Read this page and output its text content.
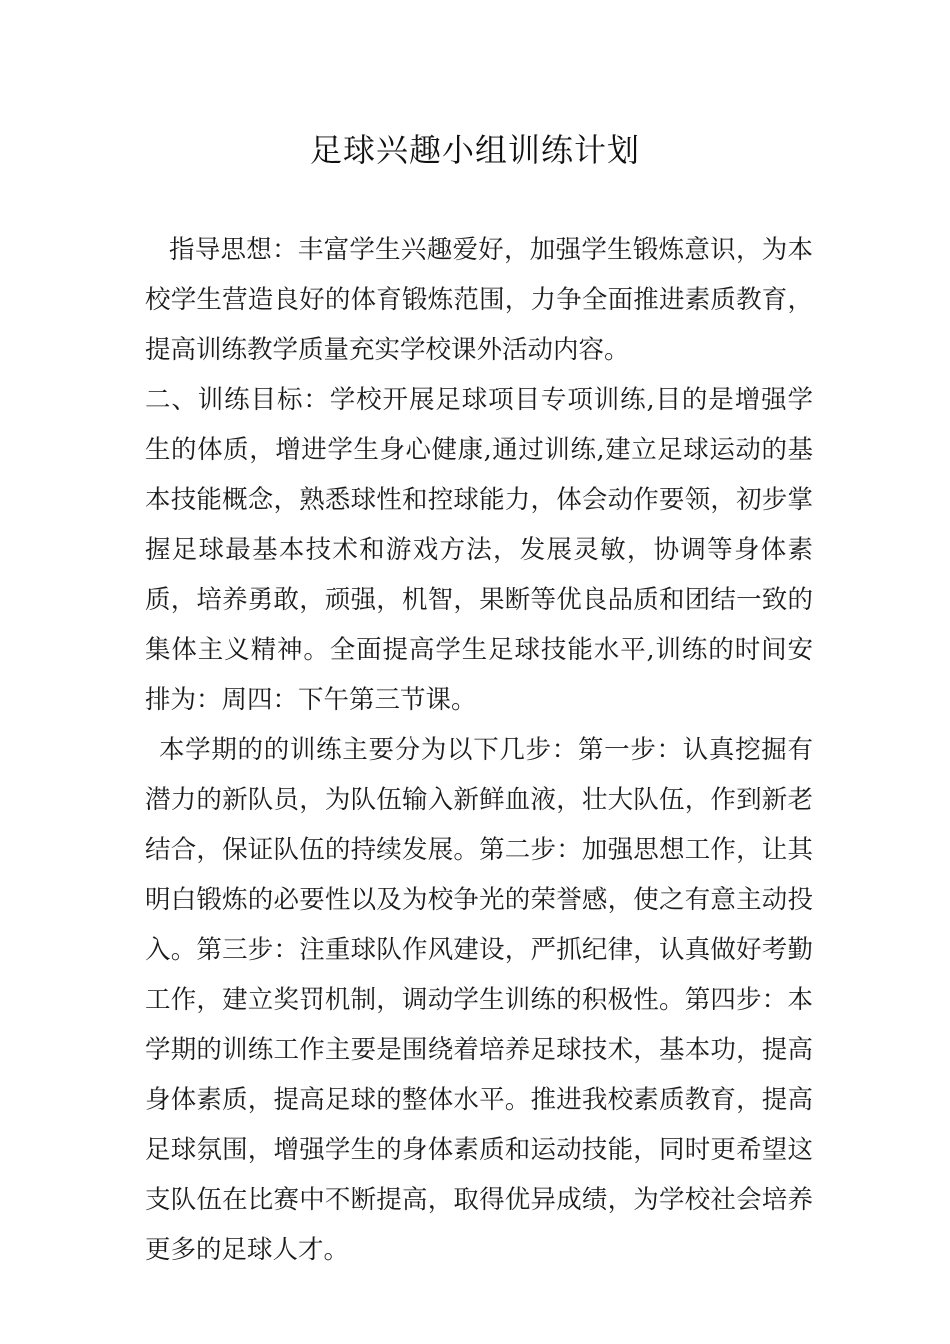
足球兴趣小组训练计划

指导思想：丰富学生兴趣爱好，加强学生锻炼意识，为本校学生营造良好的体育锻炼范围，力争全面推进素质教育，提高训练教学质量充实学校课外活动内容。

二、训练目标：学校开展足球项目专项训练,目的是增强学生的体质，增进学生身心健康,通过训练,建立足球运动的基本技能概念，熟悉球性和控球能力，体会动作要领，初步掌握足球最基本技术和游戏方法，发展灵敏，协调等身体素质，培养勇敢，顽强，机智，果断等优良品质和团结一致的集体主义精神。全面提高学生足球技能水平,训练的时间安排为：周四：下午第三节课。

本学期的的训练主要分为以下几步：第一步：认真挖掘有潜力的新队员，为队伍输入新鲜血液，壮大队伍，作到新老结合，保证队伍的持续发展。第二步：加强思想工作，让其明白锻炼的必要性以及为校争光的荣誉感，使之有意主动投入。第三步：注重球队作风建设，严抓纪律，认真做好考勤工作，建立奖罚机制，调动学生训练的积极性。第四步：本学期的训练工作主要是围绕着培养足球技术，基本功，提高身体素质，提高足球的整体水平。推进我校素质教育，提高足球氛围，增强学生的身体素质和运动技能，同时更希望这支队伍在比赛中不断提高，取得优异成绩，为学校社会培养更多的足球人才。
